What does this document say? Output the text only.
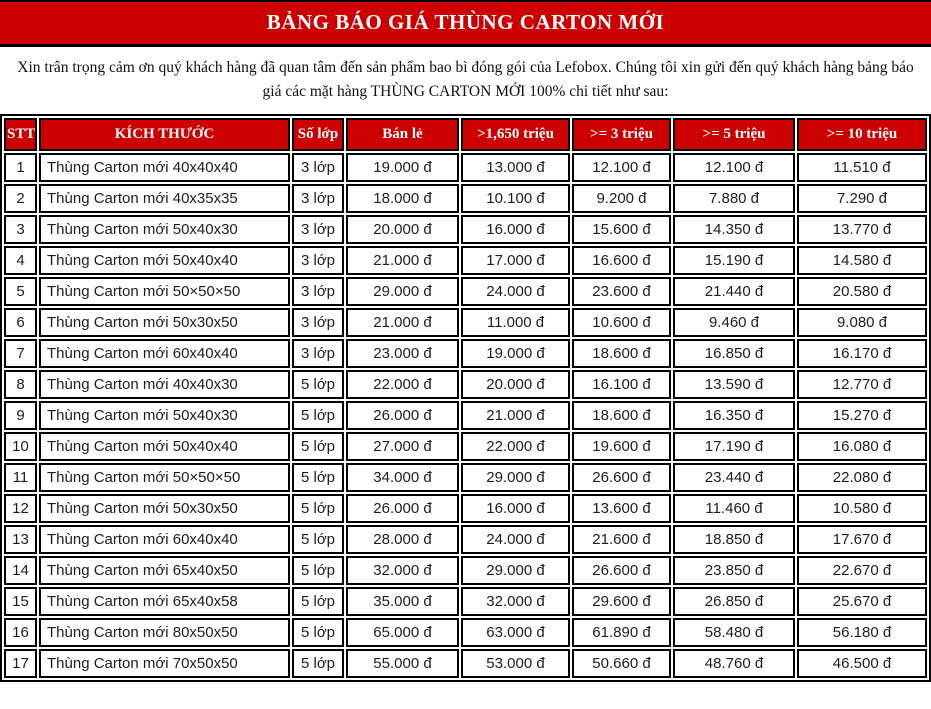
BẢNG BÁO GIÁ THÙNG CARTON MỚI
Xin trân trọng cảm ơn quý khách hàng đã quan tâm đến sản phẩm bao bì đóng gói của Lefobox. Chúng tôi xin gửi đến quý khách hàng bảng báo giá các mặt hàng THÙNG CARTON MỚI 100% chi tiết như sau:
STT	KÍCH THƯỚC	Số lớp	Bán lẻ	>1,650 triệu	>= 3 triệu	>= 5 triệu	>= 10 triệu
1	Thùng Carton mới 40x40x40	3 lớp	19.000 đ	13.000 đ	12.100 đ	12.100 đ	11.510 đ
2	Thùng Carton mới 40x35x35	3 lớp	18.000 đ	10.100 đ	9.200 đ	7.880 đ	7.290 đ
3	Thùng Carton mới 50x40x30	3 lớp	20.000 đ	16.000 đ	15.600 đ	14.350 đ	13.770 đ
4	Thùng Carton mới 50x40x40	3 lớp	21.000 đ	17.000 đ	16.600 đ	15.190 đ	14.580 đ
5	Thùng Carton mới 50×50×50	3 lớp	29.000 đ	24.000 đ	23.600 đ	21.440 đ	20.580 đ
6	Thùng Carton mới 50x30x50	3 lớp	21.000 đ	11.000 đ	10.600 đ	9.460 đ	9.080 đ
7	Thùng Carton mới 60x40x40	3 lớp	23.000 đ	19.000 đ	18.600 đ	16.850 đ	16.170 đ
8	Thùng Carton mới 40x40x30	5 lớp	22.000 đ	20.000 đ	16.100 đ	13.590 đ	12.770 đ
9	Thùng Carton mới 50x40x30	5 lớp	26.000 đ	21.000 đ	18.600 đ	16.350 đ	15.270 đ
10	Thùng Carton mới 50x40x40	5 lớp	27.000 đ	22.000 đ	19.600 đ	17.190 đ	16.080 đ
11	Thùng Carton mới 50×50×50	5 lớp	34.000 đ	29.000 đ	26.600 đ	23.440 đ	22.080 đ
12	Thùng Carton mới 50x30x50	5 lớp	26.000 đ	16.000 đ	13.600 đ	11.460 đ	10.580 đ
13	Thùng Carton mới 60x40x40	5 lớp	28.000 đ	24.000 đ	21.600 đ	18.850 đ	17.670 đ
14	Thùng Carton mới 65x40x50	5 lớp	32.000 đ	29.000 đ	26.600 đ	23.850 đ	22.670 đ
15	Thùng Carton mới 65x40x58	5 lớp	35.000 đ	32.000 đ	29.600 đ	26.850 đ	25.670 đ
16	Thùng Carton mới 80x50x50	5 lớp	65.000 đ	63.000 đ	61.890 đ	58.480 đ	56.180 đ
17	Thùng Carton mới 70x50x50	5 lớp	55.000 đ	53.000 đ	50.660 đ	48.760 đ	46.500 đ
